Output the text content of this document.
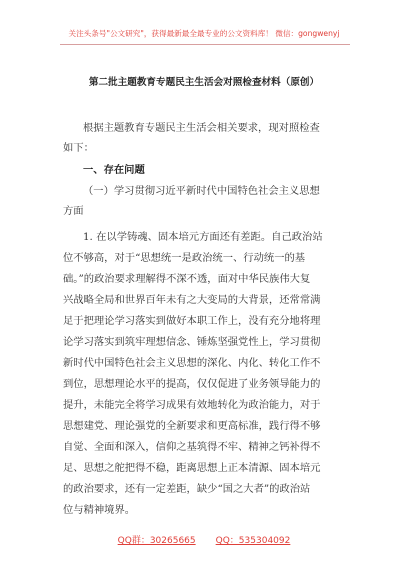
关注头条号"公文研究"，获得最新最全最专业的公文资料库！ 微信：gongwenyj
第二批主题教育专题民主生活会对照检查材料（原创）
根据主题教育专题民主生活会相关要求，现对照检查
如下：
一、存在问题
（一）学习贯彻习近平新时代中国特色社会主义思想
方面
1. 在以学铸魂、固本培元方面还有差距。自己政治站
位不够高，对于“思想统一是政治统一、行动统一的基
础。”的政治要求理解得不深不透，面对中华民族伟大复
兴战略全局和世界百年未有之大变局的大背景，还常常满
足于把理论学习落实到做好本职工作上，没有充分地将理
论学习落实到筑牢理想信念、锤炼坚强党性上，学习贯彻
新时代中国特色社会主义思想的深化、内化、转化工作不
到位，思想理论水平的提高，仅仅促进了业务领导能力的
提升，未能完全将学习成果有效地转化为政治能力，对于
思想建党、理论强党的全新要求和更高标准，践行得不够
自觉、全面和深入，信仰之基筑得不牢、精神之钙补得不
足、思想之舵把得不稳，距离思想上正本清源、固本培元
的政治要求，还有一定差距，缺少“国之大者”的政治站
位与精神境界。
QQ群：30265665 QQ：535304092
